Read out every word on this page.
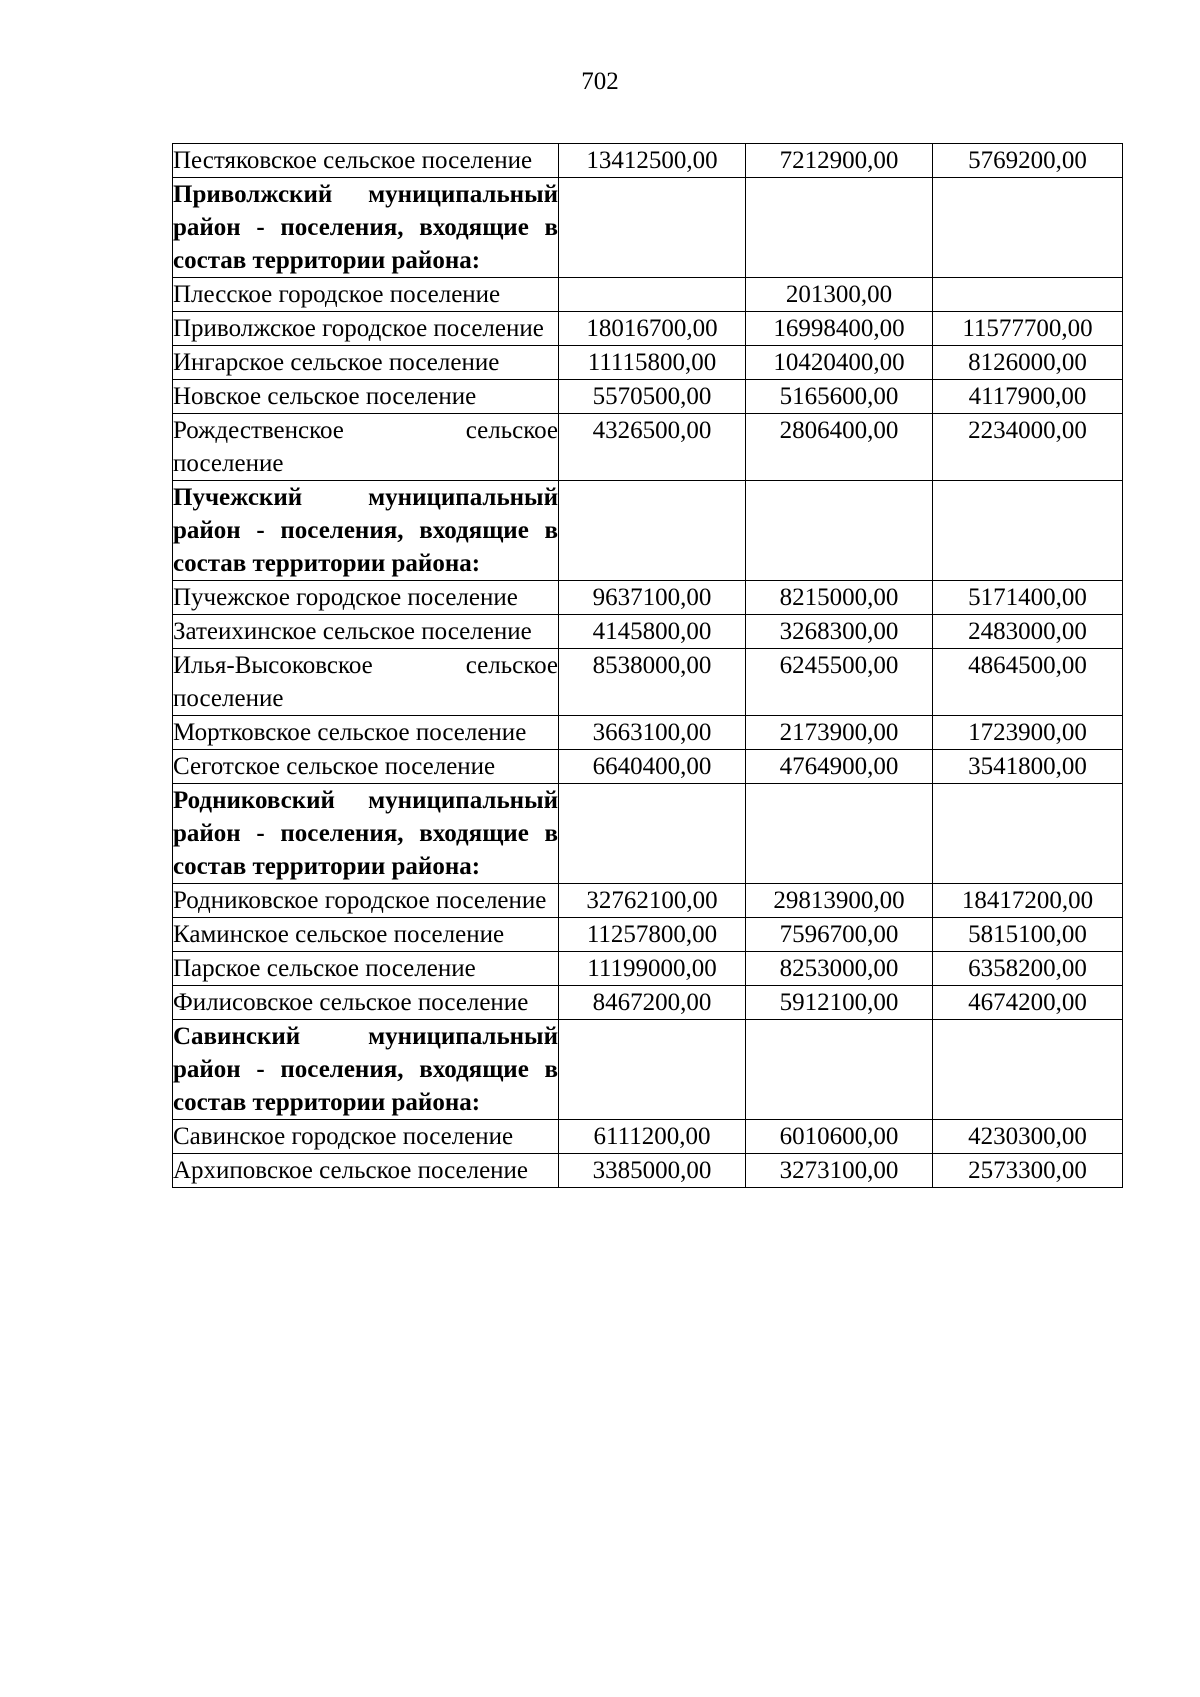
702
Пестяковское сельское поселение	13412500,00	7212900,00	5769200,00
Приволжский муниципальный район - поселения, входящие в состав территории района:			
Плесское городское поселение		201300,00	
Приволжское городское поселение	18016700,00	16998400,00	11577700,00
Ингарское сельское поселение	11115800,00	10420400,00	8126000,00
Новское сельское поселение	5570500,00	5165600,00	4117900,00
Рождественское сельское поселение	4326500,00	2806400,00	2234000,00
Пучежский муниципальный район - поселения, входящие в состав территории района:			
Пучежское городское поселение	9637100,00	8215000,00	5171400,00
Затеихинское сельское поселение	4145800,00	3268300,00	2483000,00
Илья-Высоковское сельское поселение	8538000,00	6245500,00	4864500,00
Мортковское сельское поселение	3663100,00	2173900,00	1723900,00
Сеготское сельское поселение	6640400,00	4764900,00	3541800,00
Родниковский муниципальный район - поселения, входящие в состав территории района:			
Родниковское городское поселение	32762100,00	29813900,00	18417200,00
Каминское сельское поселение	11257800,00	7596700,00	5815100,00
Парское сельское поселение	11199000,00	8253000,00	6358200,00
Филисовское сельское поселение	8467200,00	5912100,00	4674200,00
Савинский муниципальный район - поселения, входящие в состав территории района:			
Савинское городское поселение	6111200,00	6010600,00	4230300,00
Архиповское сельское поселение	3385000,00	3273100,00	2573300,00
